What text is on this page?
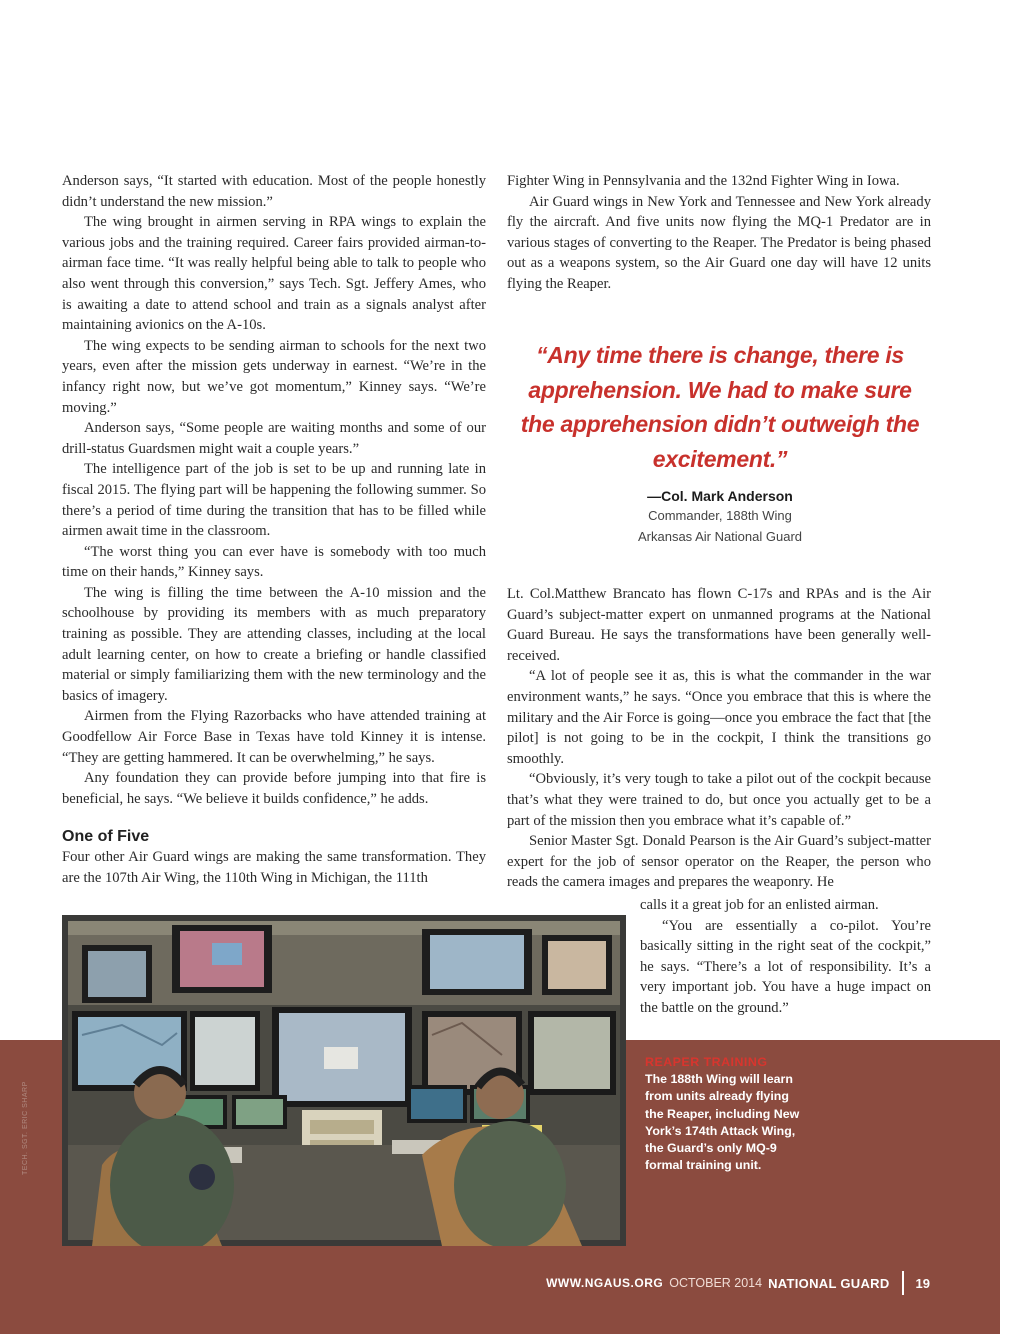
Anderson says, “It started with education. Most of the people honestly didn’t understand the new mission.”

The wing brought in airmen serving in RPA wings to explain the various jobs and the training required. Career fairs provided airman-to-airman face time. “It was really helpful being able to talk to people who also went through this conversion,” says Tech. Sgt. Jeffery Ames, who is awaiting a date to attend school and train as a signals analyst after maintaining avionics on the A-10s.

The wing expects to be sending airman to schools for the next two years, even after the mission gets underway in earnest. “We’re in the infancy right now, but we’ve got momentum,” Kinney says. “We’re moving.”

Anderson says, “Some people are waiting months and some of our drill-status Guardsmen might wait a couple years.”

The intelligence part of the job is set to be up and running late in fiscal 2015. The flying part will be happening the following summer. So there’s a period of time during the transition that has to be filled while airmen await time in the classroom.

“The worst thing you can ever have is somebody with too much time on their hands,” Kinney says.

The wing is filling the time between the A-10 mission and the schoolhouse by providing its members with as much preparatory training as possible. They are attending classes, including at the local adult learning center, on how to create a briefing or handle classified material or simply familiarizing them with the new terminology and the basics of imagery.

Airmen from the Flying Razorbacks who have attended training at Goodfellow Air Force Base in Texas have told Kinney it is intense. “They are getting hammered. It can be overwhelming,” he says.

Any foundation they can provide before jumping into that fire is beneficial, he says. “We believe it builds confidence,” he adds.

One of Five

Four other Air Guard wings are making the same transformation. They are the 107th Air Wing, the 110th Wing in Michigan, the 111th

Fighter Wing in Pennsylvania and the 132nd Fighter Wing in Iowa.

Air Guard wings in New York and Tennessee and New York already fly the aircraft. And five units now flying the MQ-1 Predator are in various stages of converting to the Reaper. The Predator is being phased out as a weapons system, so the Air Guard one day will have 12 units flying the Reaper.

“Any time there is change, there is apprehension. We had to make sure the apprehension didn’t outweigh the excitement.”
—Col. Mark Anderson
Commander, 188th Wing
Arkansas Air National Guard

Lt. Col.Matthew Brancato has flown C-17s and RPAs and is the Air Guard’s subject-matter expert on unmanned programs at the National Guard Bureau. He says the transformations have been generally well-received.

“A lot of people see it as, this is what the commander in the war environment wants,” he says. “Once you embrace that this is where the military and the Air Force is going—once you embrace the fact that [the pilot] is not going to be in the cockpit, I think the transitions go smoothly.

“Obviously, it’s very tough to take a pilot out of the cockpit because that’s what they were trained to do, but once you actually get to be a part of the mission then you embrace what it’s capable of.”

Senior Master Sgt. Donald Pearson is the Air Guard’s subject-matter expert for the job of sensor operator on the Reaper, the person who reads the camera images and prepares the weaponry. He

calls it a great job for an enlisted airman.

“You are essentially a co-pilot. You’re basically sitting in the right seat of the cockpit,” he says. “There’s a lot of responsibility. It’s a very important job. You have a huge impact on the battle on the ground.”

TECH. SGT. ERIC SHARP
REAPER TRAINING
The 188th Wing will learn from units already flying the Reaper, including New York’s 174th Attack Wing, the Guard’s only MQ-9 formal training unit.
WWW.NGAUS.ORG OCTOBER 2014 NATIONAL GUARD 19
